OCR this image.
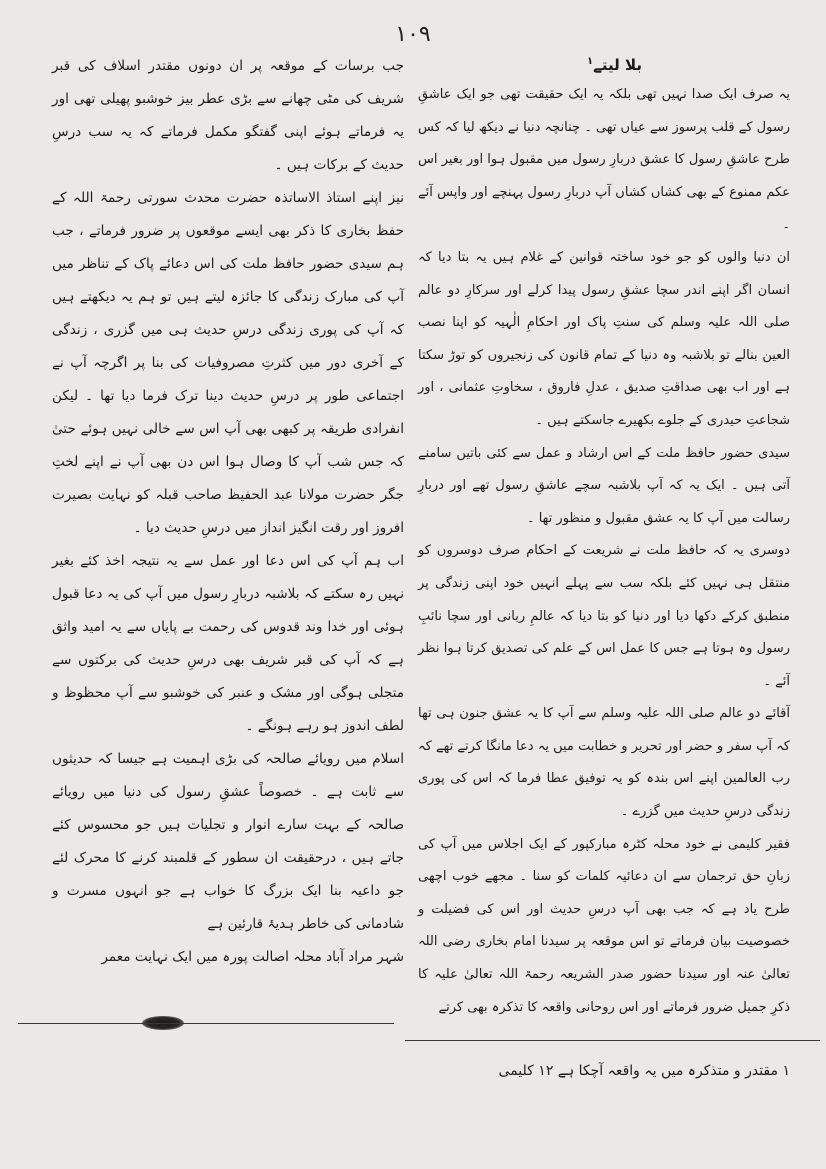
۱۰۹
بلا لیتے$^۱$

یہ صرف ایک صدا نہیں تھی بلکہ یہ ایک حقیقت تھی جو ایک عاشقِ رسول کے قلب پرسوز سے عیاں تھی ۔ چنانچہ دنیا نے دیکھ لیا کہ کس طرح عاشقِ رسول کا عشق دربارِ رسول میں مقبول ہوا اور بغیر اس عکم ممنوع کے بھی کشاں کشاں آپ دربارِ رسول پہنچے اور واپس آئے ۔

ان دنیا والوں کو جو خود ساختہ قوانین کے غلام ہیں یہ بتا دیا کہ انسان اگر اپنے اندر سچا عشقِ رسول پیدا کرلے اور سرکارِ دو عالم صلی اللہ علیہ وسلم کی سنتِ پاک اور احکامِ الٰہیہ کو اپنا نصب العین بنالے تو بلاشبہ وہ دنیا کے تمام قانون کی زنجیروں کو توڑ سکتا ہے اور اب بھی صداقتِ صدیق ، عدلِ فاروق ، سخاوتِ عثمانی ، اور شجاعتِ حیدری کے جلوے بکھیرے جاسکتے ہیں ۔

سیدی حضور حافظ ملت کے اس ارشاد و عمل سے کئی باتیں سامنے آتی ہیں ۔ ایک یہ کہ آپ بلاشبہ سچے عاشقِ رسول تھے اور دربارِ رسالت میں آپ کا یہ عشق مقبول و منظور تھا ۔

دوسری یہ کہ حافظ ملت نے شریعت کے احکام صرف دوسروں کو منتقل ہی نہیں کئے بلکہ سب سے پہلے انہیں خود اپنی زندگی پر منطبق کرکے دکھا دیا اور دنیا کو بتا دیا کہ عالمِ ربانی اور سچا نائبِ رسول وہ ہوتا ہے جس کا عمل اس کے علم کی تصدیق کرتا ہوا نظر آئے ۔

آقائے دو عالم صلی اللہ علیہ وسلم سے آپ کا یہ عشق جنون ہی تھا کہ آپ سفر و حضر اور تحریر و خطابت میں یہ دعا مانگا کرتے تھے کہ رب العالمین اپنے اس بندہ کو یہ توفیق عطا فرما کہ اس کی پوری زندگی درسِ حدیث میں گزرے ۔

فقیر کلیمی نے خود محلہ کٹرہ مبارکپور کے ایک اجلاس میں آپ کی زبانِ حق ترجمان سے ان دعائیہ کلمات کو سنا ۔ مجھے خوب اچھی طرح یاد ہے کہ جب بھی آپ درسِ حدیث اور اس کی فضیلت و خصوصیت بیان فرماتے تو اس موقعہ پر سیدنا امام بخاری رضی اللہ تعالیٰ عنہ اور سیدنا حضور صدر الشریعہ رحمۃ اللہ تعالیٰ علیہ کا ذکرِ جمیل ضرور فرماتے اور اس روحانی واقعہ کا تذکرہ بھی کرتے

جب برسات کے موقعہ پر ان دونوں مقتدر اسلاف کی قبر شریف کی مٹی چھانے سے بڑی عطر بیز خوشبو پھیلی تھی اور یہ فرماتے ہوئے اپنی گفتگو مکمل فرماتے کہ یہ سب درسِ حدیث کے برکات ہیں ۔

نیز اپنے استاذ الاساتذہ حضرت محدث سورتی رحمۃ اللہ کے حفظ بخاری کا ذکر بھی ایسے موقعوں پر ضرور فرماتے ، جب ہم سیدی حضور حافظ ملت کی اس دعائے پاک کے تناظر میں آپ کی مبارک زندگی کا جائزہ لیتے ہیں تو ہم یہ دیکھتے ہیں کہ آپ کی پوری زندگی درسِ حدیث ہی میں گزری ، زندگی کے آخری دور میں کثرتِ مصروفیات کی بنا پر اگرچہ آپ نے اجتماعی طور پر درسِ حدیث دینا ترک فرما دیا تھا ۔ لیکن انفرادی طریقہ پر کبھی بھی آپ اس سے خالی نہیں ہوئے حتیٰ کہ جس شب آپ کا وصال ہوا اس دن بھی آپ نے اپنے لختِ جگر حضرت مولانا عبد الحفیظ صاحب قبلہ کو نہایت بصیرت افروز اور رقت انگیز انداز میں درسِ حدیث دیا ۔

اب ہم آپ کی اس دعا اور عمل سے یہ نتیجہ اخذ کئے بغیر نہیں رہ سکتے کہ بلاشبہ دربارِ رسول میں آپ کی یہ دعا قبول ہوئی اور خدا وند قدوس کی رحمت بے پایاں سے یہ امید واثق ہے کہ آپ کی قبر شریف بھی درسِ حدیث کی برکتوں سے متجلی ہوگی اور مشک و عنبر کی خوشبو سے آپ محظوظ و لطف اندوز ہو رہے ہونگے ۔

اسلام میں رویائے صالحہ کی بڑی اہمیت ہے جیسا کہ حدیثوں سے ثابت ہے ۔ خصوصاً عشقِ رسول کی دنیا میں رویائے صالحہ کے بہت سارے انوار و تجلیات ہیں جو محسوس کئے جاتے ہیں ، درحقیقت ان سطور کے قلمبند کرنے کا محرک لئے جو داعیہ بنا ایک بزرگ کا خواب ہے جو انہوں مسرت و شادمانی کی خاطر ہدیۂ قارئین ہے

شہر مراد آباد محلہ اصالت پورہ میں ایک نہایت معمر

۱ مقتدر و متذکرہ میں یہ واقعہ آچکا ہے ۱۲ کلیمی
